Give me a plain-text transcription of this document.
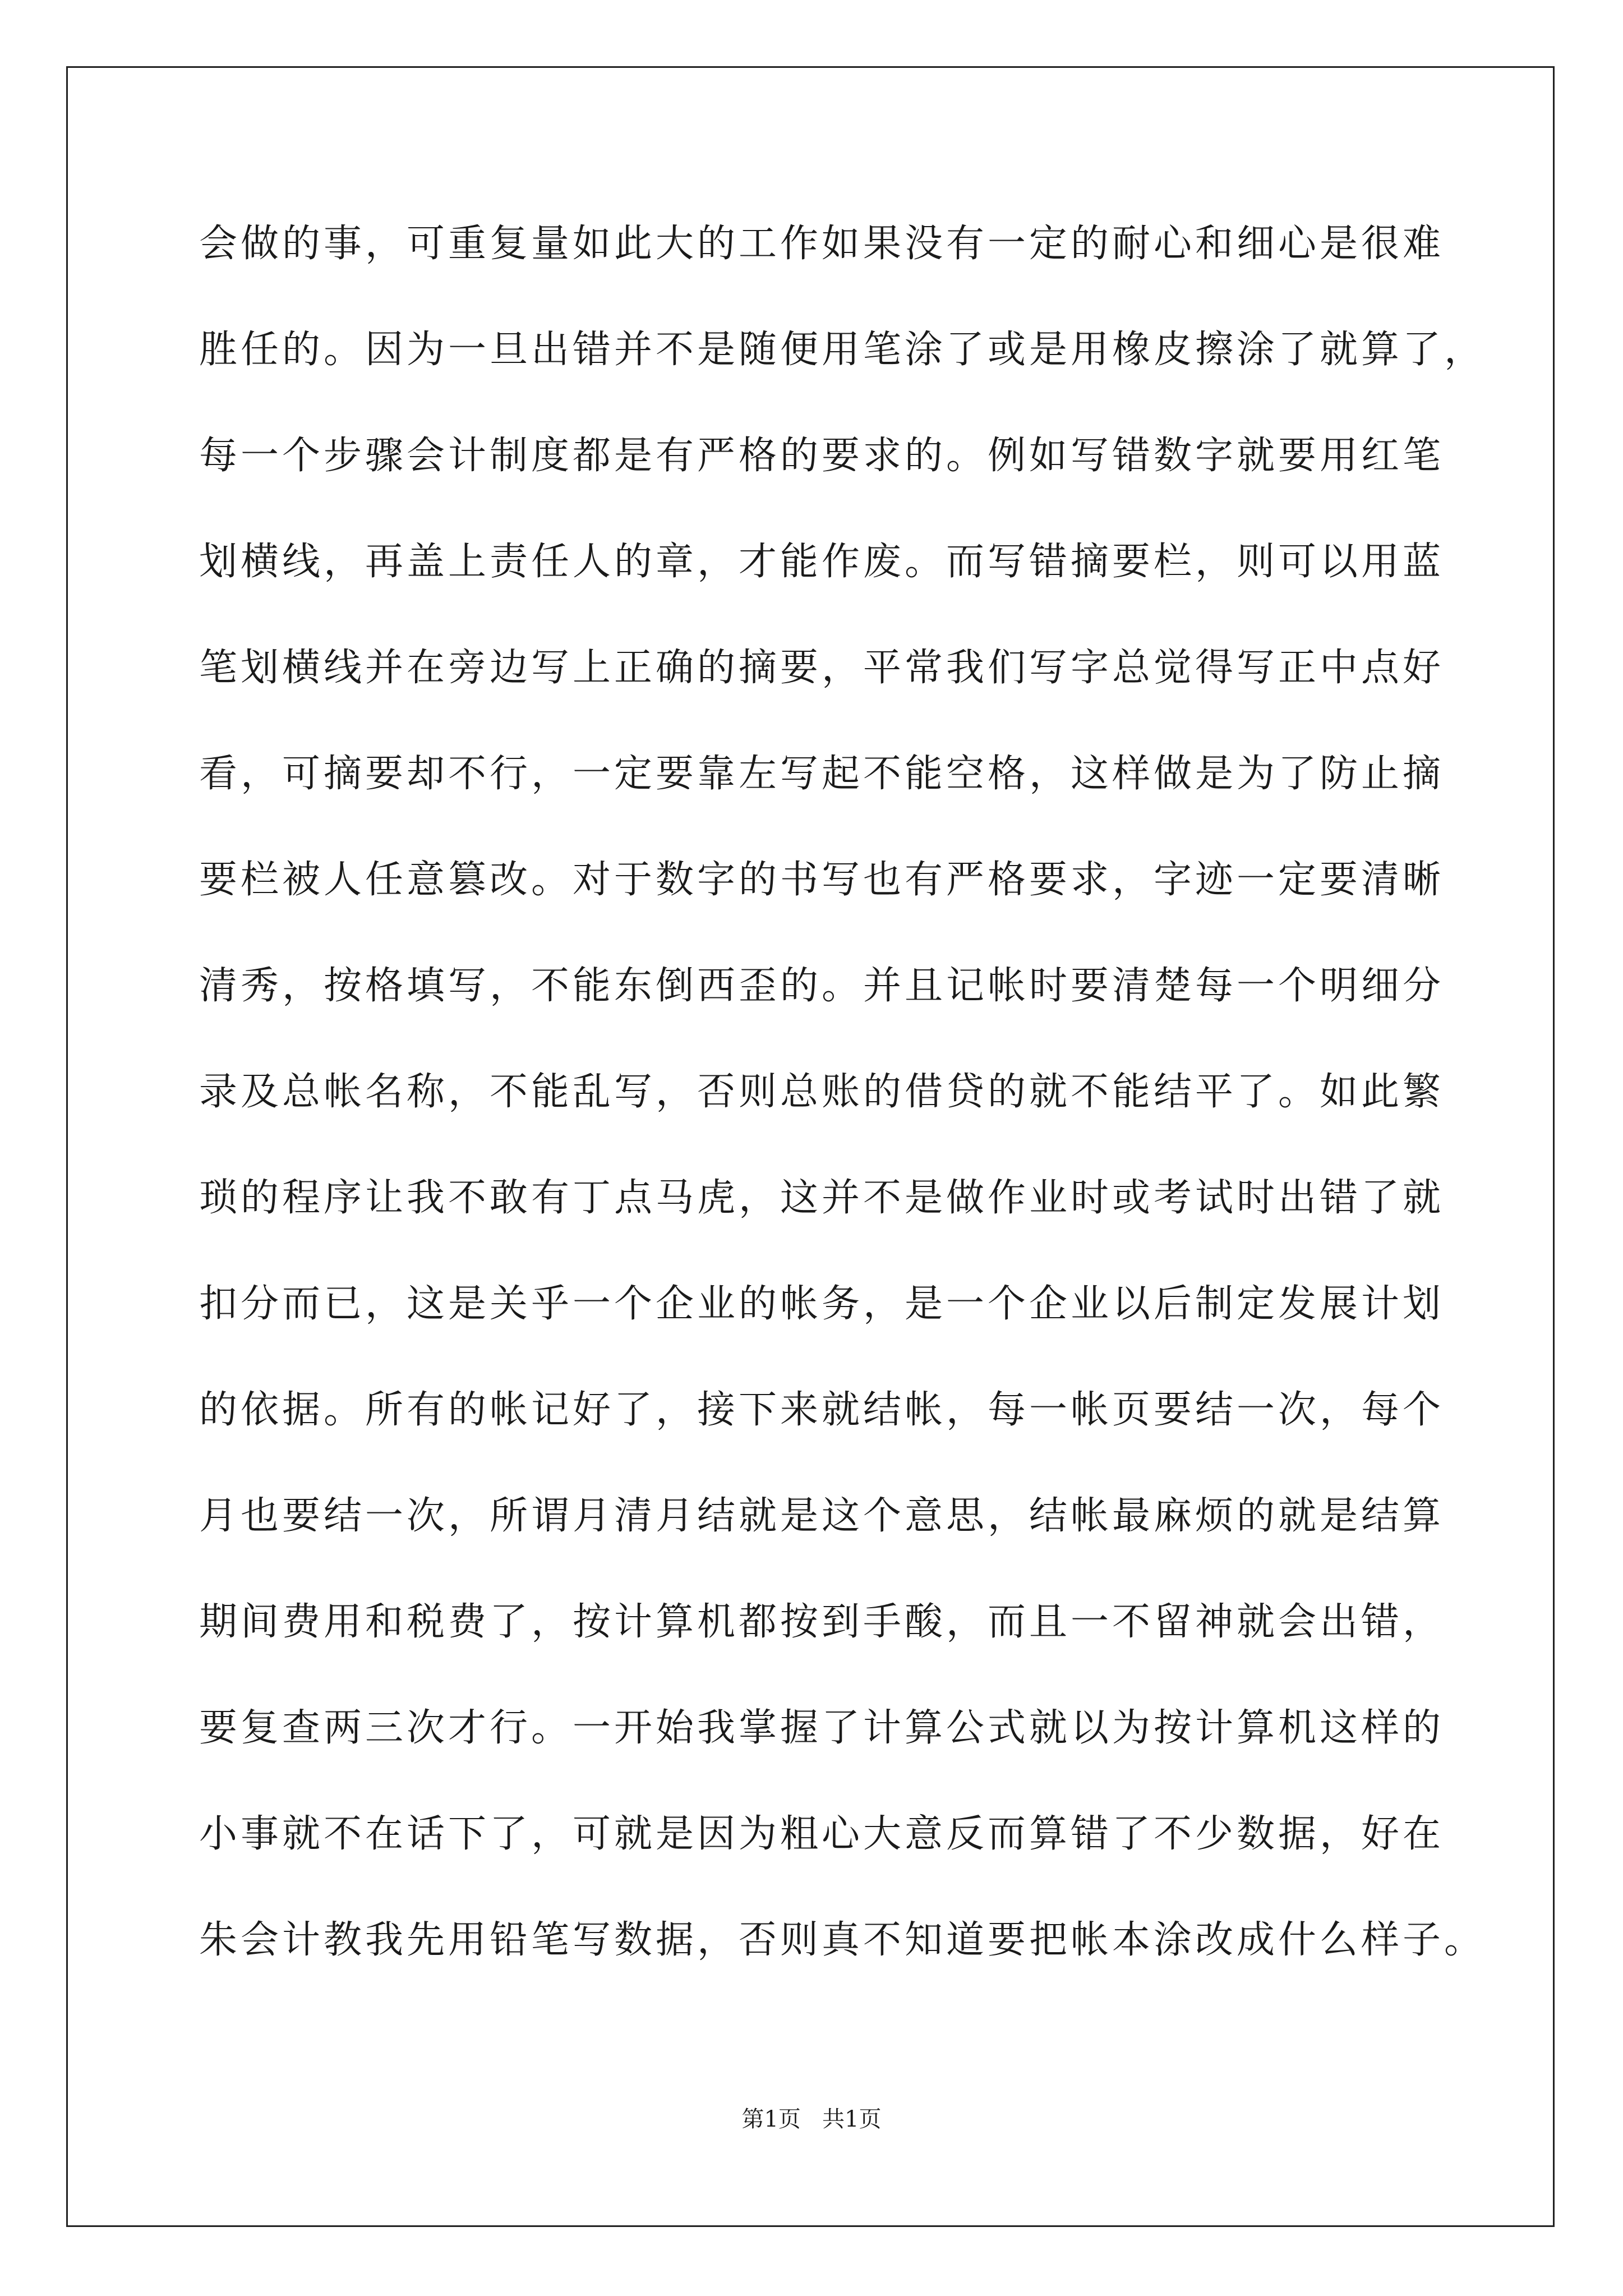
会做的事，可重复量如此大的工作如果没有一定的耐心和细心是很难
胜任的。因为一旦出错并不是随便用笔涂了或是用橡皮擦涂了就算了，
每一个步骤会计制度都是有严格的要求的。例如写错数字就要用红笔
划横线，再盖上责任人的章，才能作废。而写错摘要栏，则可以用蓝
笔划横线并在旁边写上正确的摘要，平常我们写字总觉得写正中点好
看，可摘要却不行，一定要靠左写起不能空格，这样做是为了防止摘
要栏被人任意篡改。对于数字的书写也有严格要求，字迹一定要清晰
清秀，按格填写，不能东倒西歪的。并且记帐时要清楚每一个明细分
录及总帐名称，不能乱写，否则总账的借贷的就不能结平了。如此繁
琐的程序让我不敢有丁点马虎，这并不是做作业时或考试时出错了就
扣分而已，这是关乎一个企业的帐务，是一个企业以后制定发展计划
的依据。所有的帐记好了，接下来就结帐，每一帐页要结一次，每个
月也要结一次，所谓月清月结就是这个意思，结帐最麻烦的就是结算
期间费用和税费了，按计算机都按到手酸，而且一不留神就会出错，
要复查两三次才行。一开始我掌握了计算公式就以为按计算机这样的
小事就不在话下了，可就是因为粗心大意反而算错了不少数据，好在
朱会计教我先用铅笔写数据，否则真不知道要把帐本涂改成什么样子。
第1页   共1页
